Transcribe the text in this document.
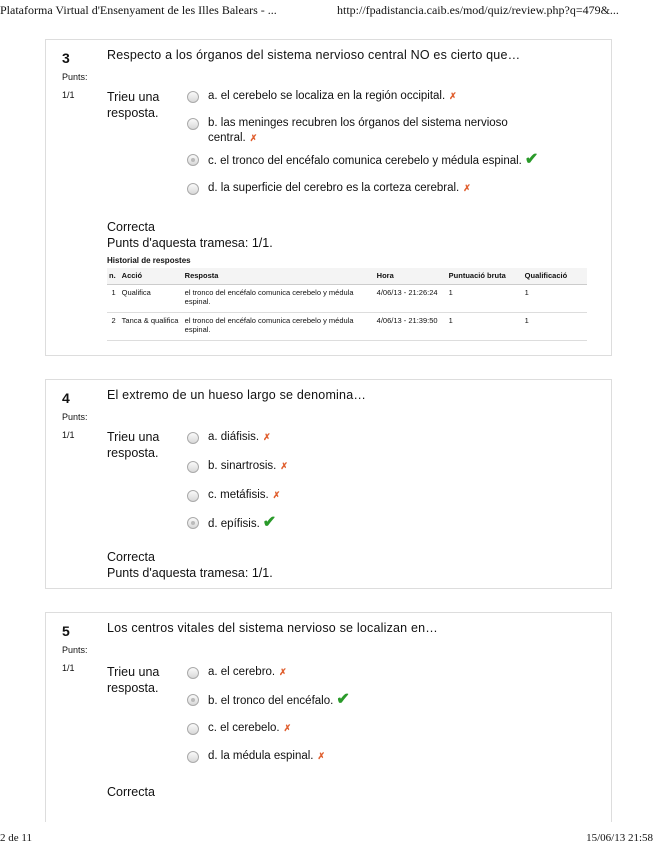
Plataforma Virtual d'Ensenyament de les Illes Balears - ...	http://fpadistancia.caib.es/mod/quiz/review.php?q=479&...
3
Punts:
1/1
Respecto a los órganos del sistema nervioso central NO es cierto que…
Trieu una resposta.
a. el cerebelo se localiza en la región occipital. ✗
b. las meninges recubren los órganos del sistema nervioso central. ✗
c. el tronco del encéfalo comunica cerebelo y médula espinal. ✔
d. la superficie del cerebro es la corteza cerebral. ✗
Correcta
Punts d'aquesta tramesa: 1/1.
Historial de respostes
n.	Acció	Resposta	Hora	Puntuació bruta	Qualificació
1	Qualifica	el tronco del encéfalo comunica cerebelo y médula espinal.	4/06/13 - 21:26:24	1	1
2	Tanca & qualifica	el tronco del encéfalo comunica cerebelo y médula espinal.	4/06/13 - 21:39:50	1	1
4
Punts:
1/1
El extremo de un hueso largo se denomina…
Trieu una resposta.
a. diáfisis. ✗
b. sinartrosis. ✗
c. metáfisis. ✗
d. epífisis. ✔
Correcta
Punts d'aquesta tramesa: 1/1.
5
Punts:
1/1
Los centros vitales del sistema nervioso se localizan en…
Trieu una resposta.
a. el cerebro. ✗
b. el tronco del encéfalo. ✔
c. el cerebelo. ✗
d. la médula espinal. ✗
Correcta
2 de 11	15/06/13 21:58
